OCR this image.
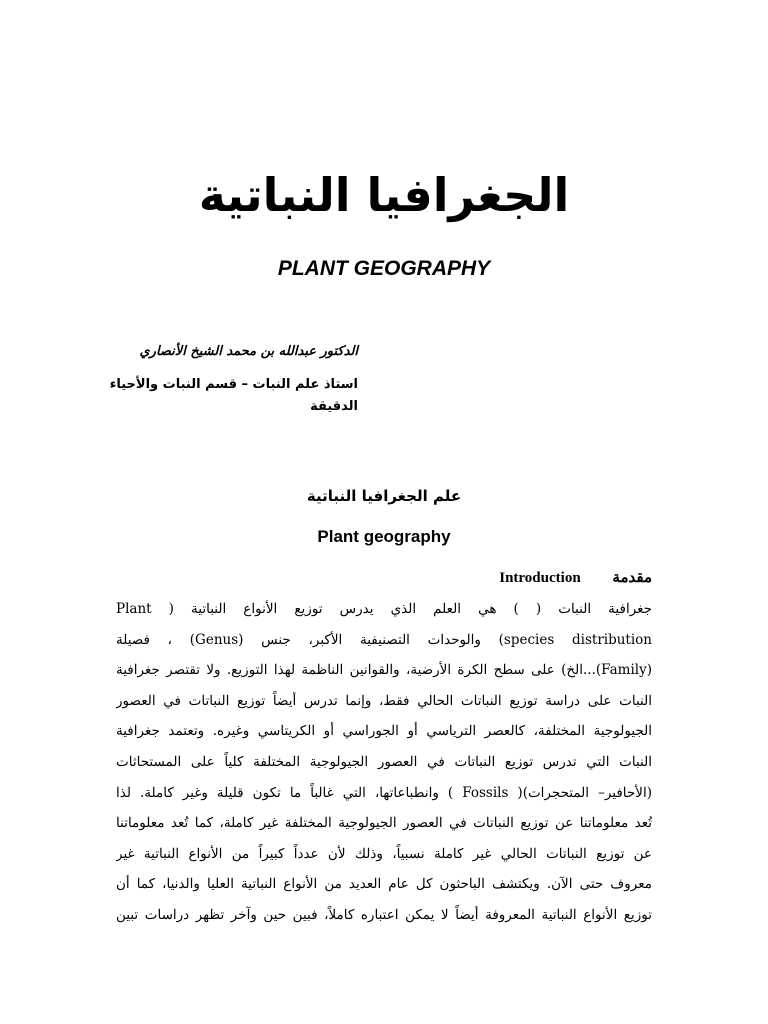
الجغرافيا النباتية
PLANT GEOGRAPHY
الدكتور عبدالله بن محمد الشيخ الأنصاري
استاذ علم النبات – قسم النبات والأحياء الدقيقة
علم الجغرافيا النباتية
Plant geography
مقدمة Introduction
جغرافية النبات ( ) هي العلم الذي يدرس توزيع الأنواع النباتية ( Plant
species distribution) والوحدات التصنيفية الأكبر، جنس (Genus) ، فصيلة
(Family)...الخ) على سطح الكرة الأرضية، والقوانين الناظمة لهذا التوزيع. ولا تقتصر جغرافية
النبات على دراسة توزيع النباتات الحالي فقط، وإنما تدرس أيضاً توزيع النباتات في العصور
الجيولوجية المختلفة، كالعصر الترياسي أو الجوراسي أو الكريتاسي وغيره. وتعتمد جغرافية
النبات التي تدرس توزيع النباتات في العصور الجيولوجية المختلفة كلياً على المستحاثات
(الأحافير– المتحجرات)( Fossils ) وانطباعاتها، التي غالباً ما تكون قليلة وغير كاملة. لذا
تُعد معلوماتنا عن توزيع النباتات في العصور الجيولوجية المختلفة غير كاملة، كما تُعد معلوماتنا
عن توزيع النباتات الحالي غير كاملة نسبياً، وذلك لأن عدداً كبيراً من الأنواع النباتية غير
معروف حتى الآن. ويكتشف الباحثون كل عام العديد من الأنواع النباتية العليا والدنيا، كما أن
توزيع الأنواع النباتية المعروفة أيضاً لا يمكن اعتباره كاملاً، فبين حين وآخر تظهر دراسات تبين
